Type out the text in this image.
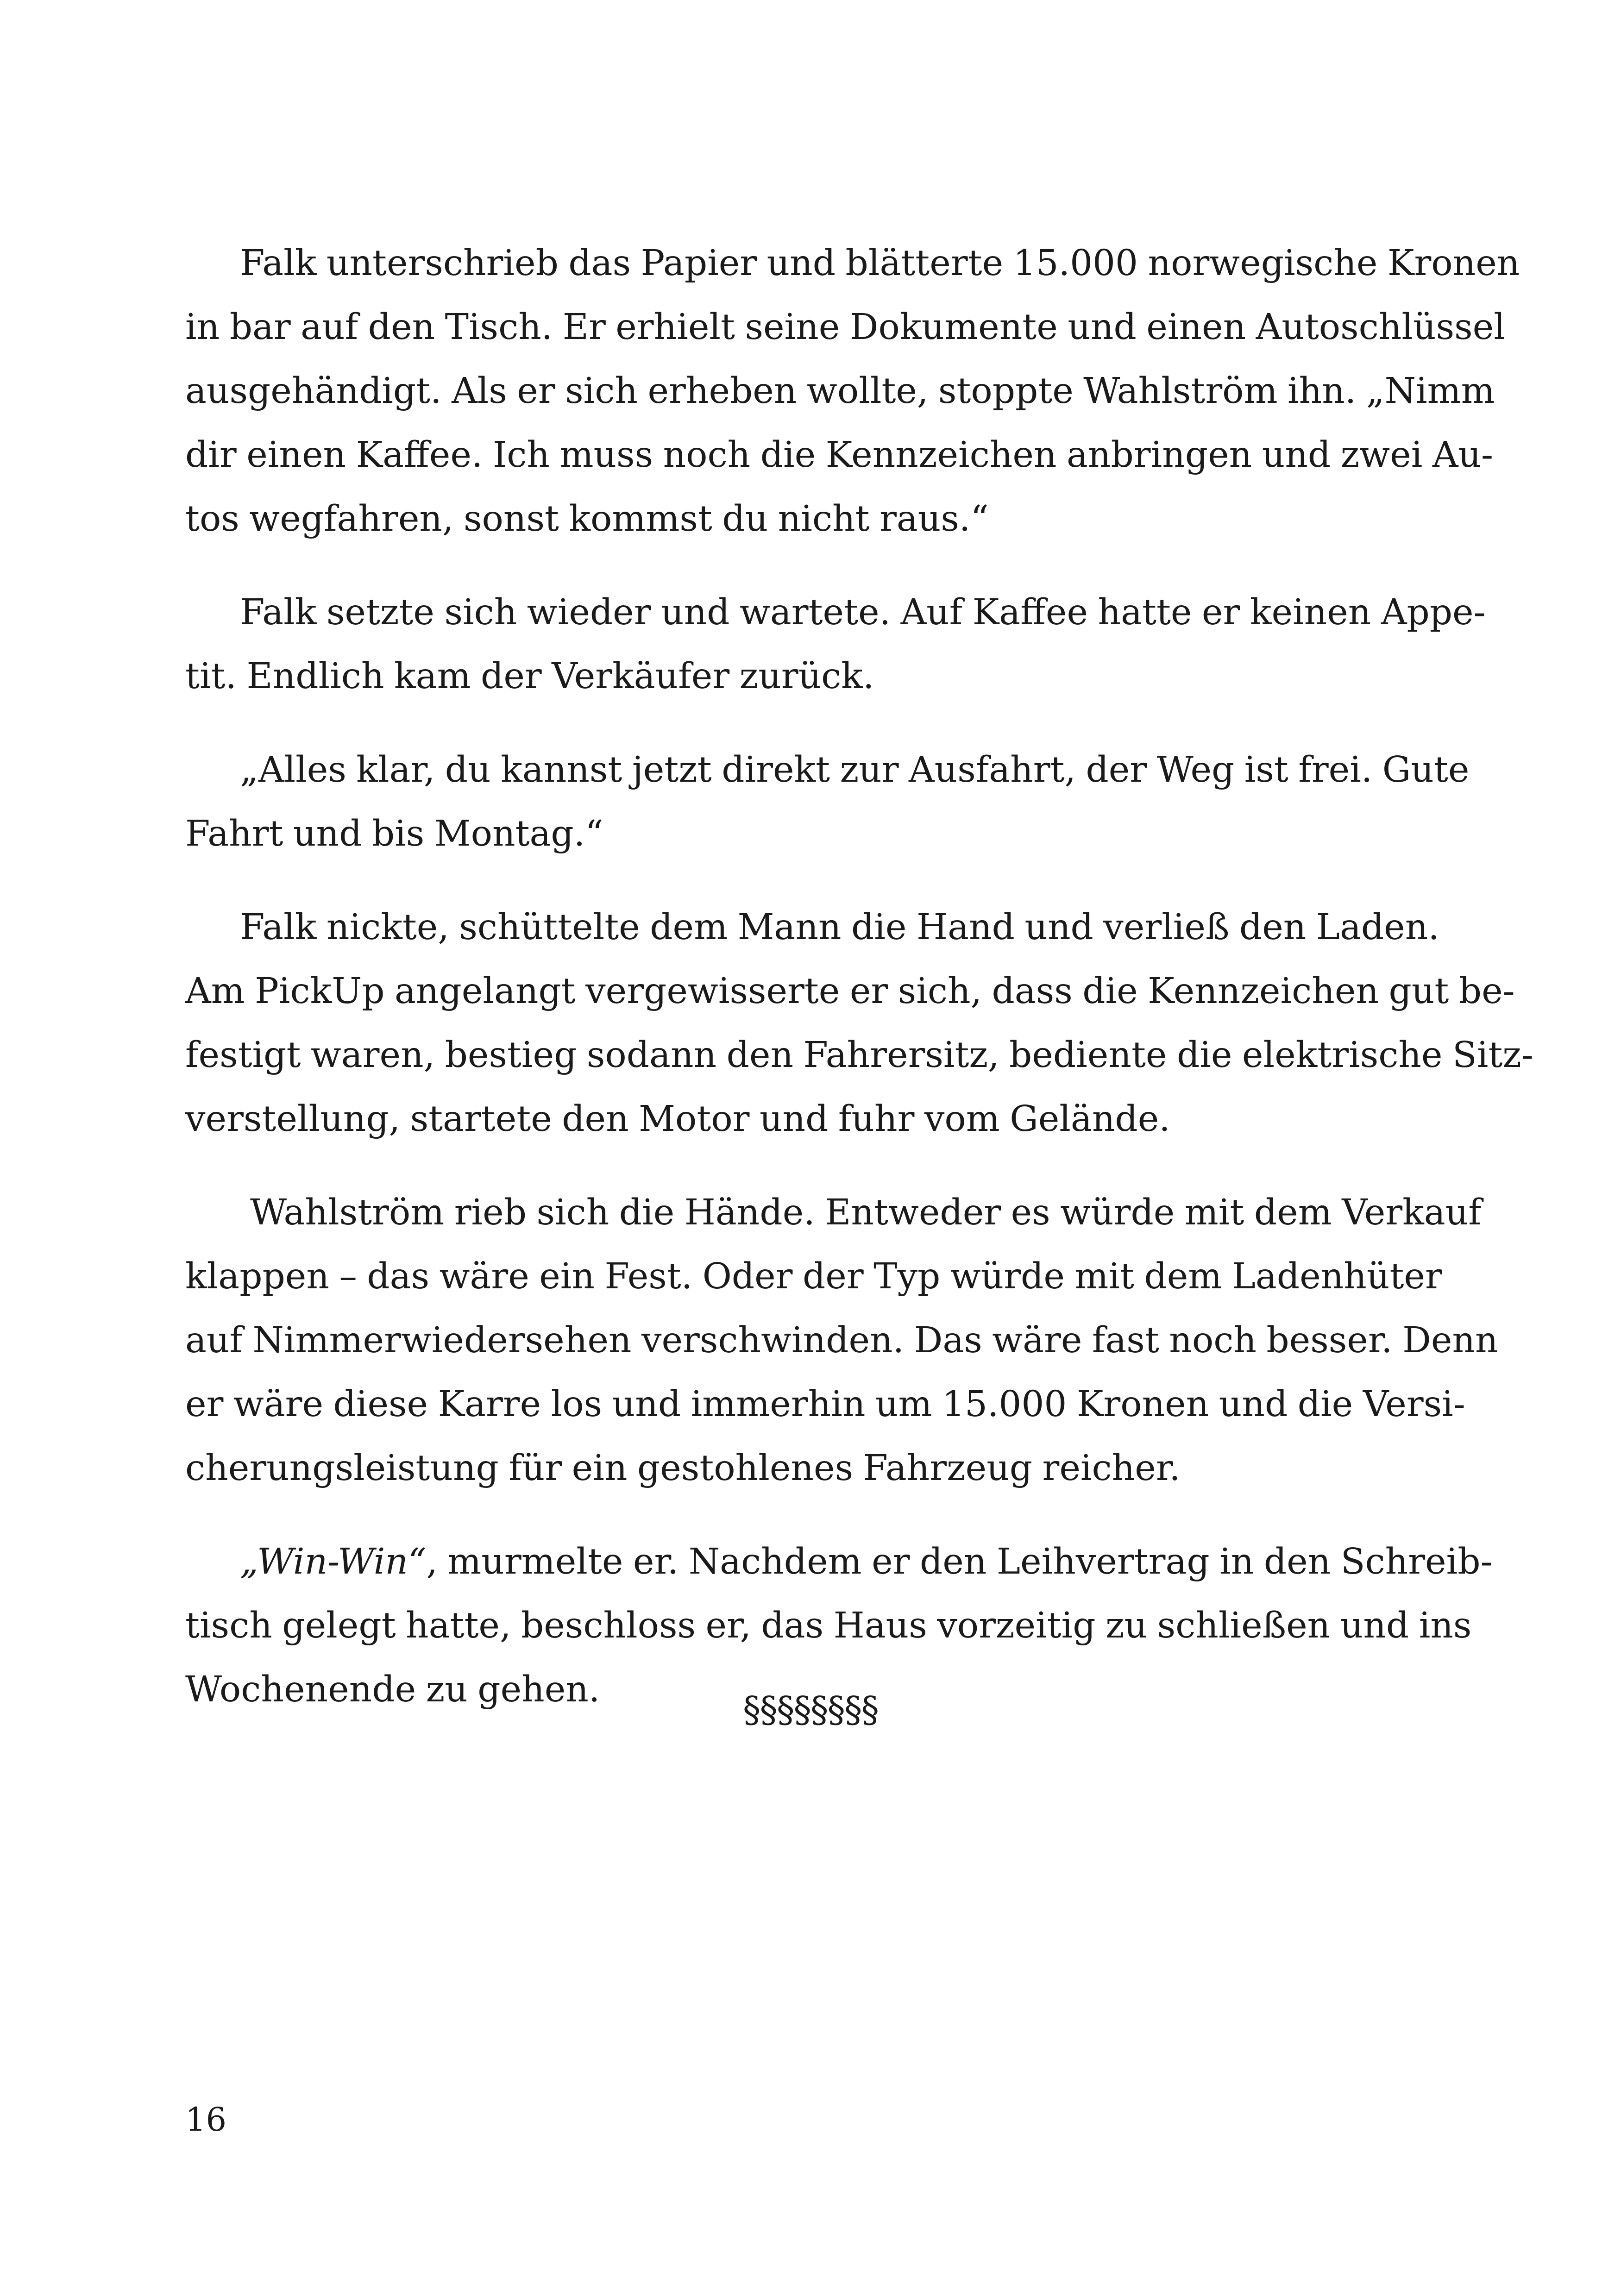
Falk unterschrieb das Papier und blätterte 15.000 norwegische Kronen
in bar auf den Tisch. Er erhielt seine Dokumente und einen Autoschlüssel
ausgehändigt. Als er sich erheben wollte, stoppte Wahlström ihn. „Nimm
dir einen Kaffee. Ich muss noch die Kennzeichen anbringen und zwei Au-
tos wegfahren, sonst kommst du nicht raus.“

Falk setzte sich wieder und wartete. Auf Kaffee hatte er keinen Appe-
tit. Endlich kam der Verkäufer zurück.

„Alles klar, du kannst jetzt direkt zur Ausfahrt, der Weg ist frei. Gute
Fahrt und bis Montag.“

Falk nickte, schüttelte dem Mann die Hand und verließ den Laden.
Am PickUp angelangt vergewisserte er sich, dass die Kennzeichen gut be-
festigt waren, bestieg sodann den Fahrersitz, bediente die elektrische Sitz-
verstellung, startete den Motor und fuhr vom Gelände.

Wahlström rieb sich die Hände. Entweder es würde mit dem Verkauf
klappen – das wäre ein Fest. Oder der Typ würde mit dem Ladenhüter
auf Nimmerwiedersehen verschwinden. Das wäre fast noch besser. Denn
er wäre diese Karre los und immerhin um 15.000 Kronen und die Versi-
cherungsleistung für ein gestohlenes Fahrzeug reicher.

„Win-Win“, murmelte er. Nachdem er den Leihvertrag in den Schreib-
tisch gelegt hatte, beschloss er, das Haus vorzeitig zu schließen und ins
Wochenende zu gehen.	§§§§§§§§
16
